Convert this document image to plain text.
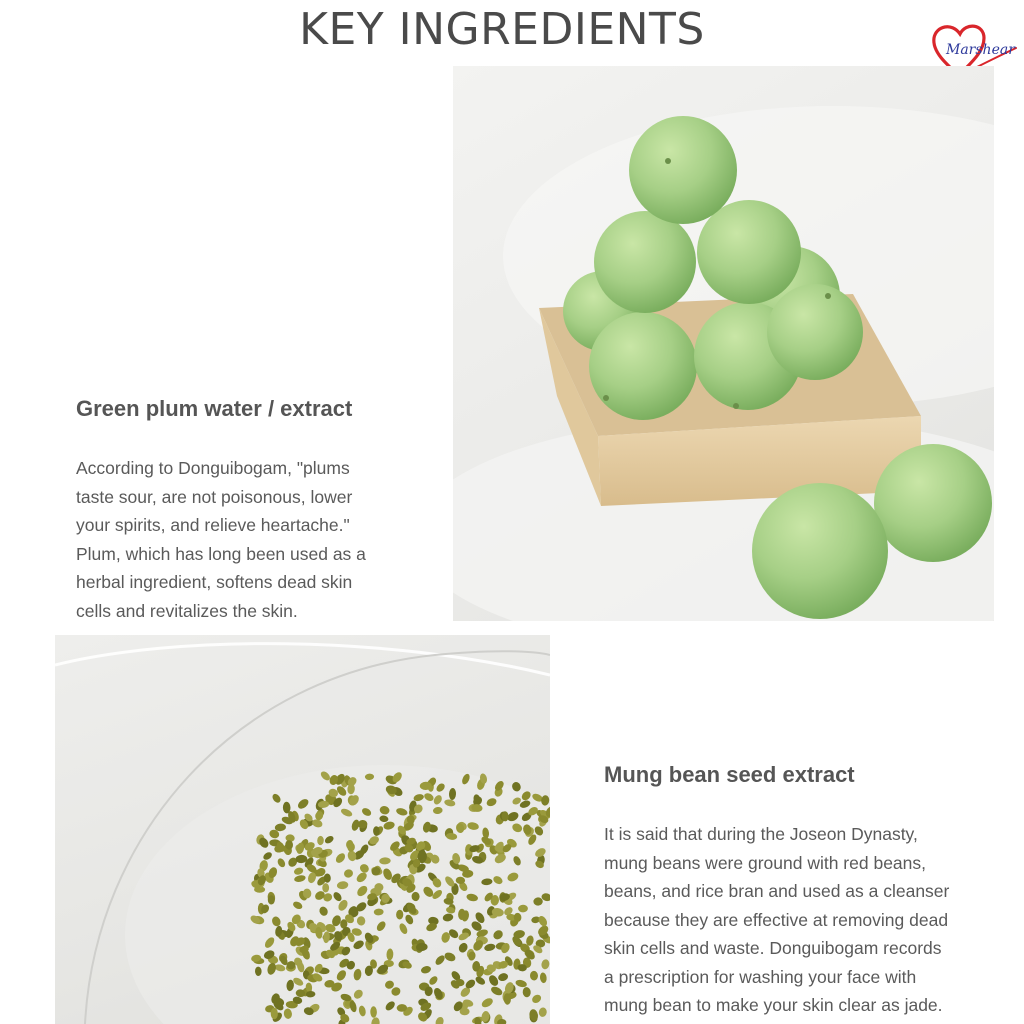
KEY INGREDIENTS	Marshear
Green plum water / extract

According to Donguibogam, "plums
taste sour, are not poisonous, lower
your spirits, and relieve heartache."
Plum, which has long been used as a
herbal ingredient, softens dead skin
cells and revitalizes the skin.

Mung bean seed extract

It is said that during the Joseon Dynasty,
mung beans were ground with red beans,
beans, and rice bran and used as a cleanser
because they are effective at removing dead
skin cells and waste. Donguibogam records
a prescription for washing your face with
mung bean to make your skin clear as jade.
